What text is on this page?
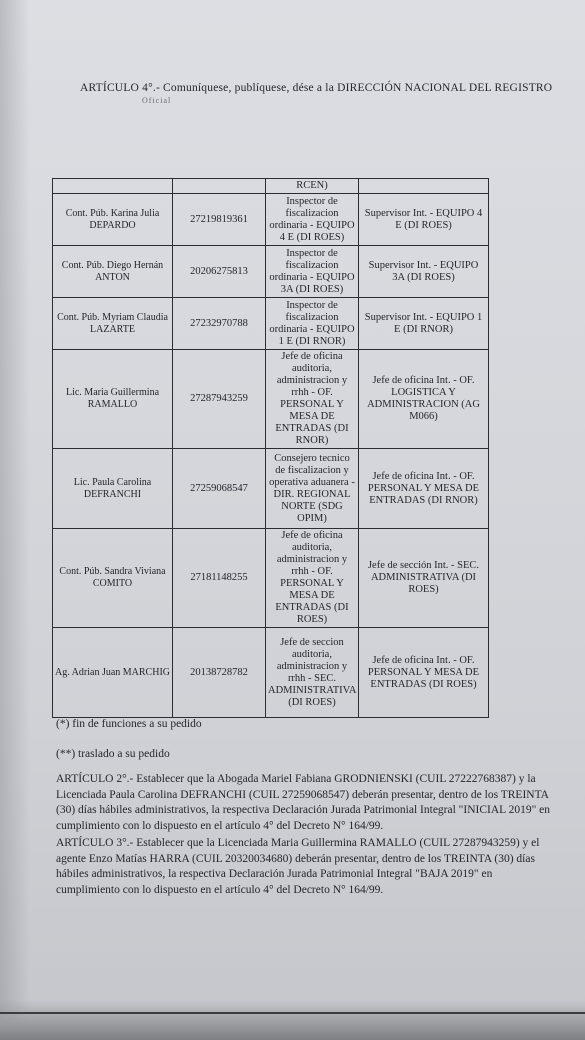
ARTÍCULO 4°.- Comuníquese, publíquese, dése a la DIRECCIÓN NACIONAL DEL REGISTRO
Oficial
		RCEN)	
Cont. Púb. Karina Julia DEPARDO	27219819361	Inspector de fiscalizacion ordinaria - EQUIPO 4 E (DI ROES)	Supervisor Int. - EQUIPO 4 E (DI ROES)
Cont. Púb. Diego Hernán ANTON	20206275813	Inspector de fiscalizacion ordinaria - EQUIPO 3A (DI ROES)	Supervisor Int. - EQUIPO 3A (DI ROES)
Cont. Púb. Myriam Claudia LAZARTE	27232970788	Inspector de fiscalizacion ordinaria - EQUIPO 1 E (DI RNOR)	Supervisor Int. - EQUIPO 1 E (DI RNOR)
Lic. Maria Guillermina RAMALLO	27287943259	Jefe de oficina auditoria, administracion y rrhh - OF. PERSONAL Y MESA DE ENTRADAS (DI RNOR)	Jefe de oficina Int. - OF. LOGISTICA Y ADMINISTRACION (AG M066)
Lic. Paula Carolina DEFRANCHI	27259068547	Consejero tecnico de fiscalizacion y operativa aduanera - DIR. REGIONAL NORTE (SDG OPIM)	Jefe de oficina Int. - OF. PERSONAL Y MESA DE ENTRADAS (DI RNOR)
Cont. Púb. Sandra Viviana COMITO	27181148255	Jefe de oficina auditoria, administracion y rrhh - OF. PERSONAL Y MESA DE ENTRADAS (DI ROES)	Jefe de sección Int. - SEC. ADMINISTRATIVA (DI ROES)
Ag. Adrian Juan MARCHIG	20138728782	Jefe de seccion auditoria, administracion y rrhh - SEC. ADMINISTRATIVA (DI ROES)	Jefe de oficina Int. - OF. PERSONAL Y MESA DE ENTRADAS (DI ROES)
(*) fin de funciones a su pedido
(**) traslado a su pedido
ARTÍCULO 2°.- Establecer que la Abogada Mariel Fabiana GRODNIENSKI (CUIL 27222768387) y la
Licenciada Paula Carolina DEFRANCHI (CUIL 27259068547) deberán presentar, dentro de los TREINTA
(30) días hábiles administrativos, la respectiva Declaración Jurada Patrimonial Integral "INICIAL 2019" en
cumplimiento con lo dispuesto en el artículo 4° del Decreto N° 164/99.
ARTÍCULO 3°.- Establecer que la Licenciada Maria Guillermina RAMALLO (CUIL 27287943259) y el
agente Enzo Matías HARRA (CUIL 20320034680) deberán presentar, dentro de los TREINTA (30) días
hábiles administrativos, la respectiva Declaración Jurada Patrimonial Integral "BAJA 2019" en
cumplimiento con lo dispuesto en el artículo 4° del Decreto N° 164/99.
